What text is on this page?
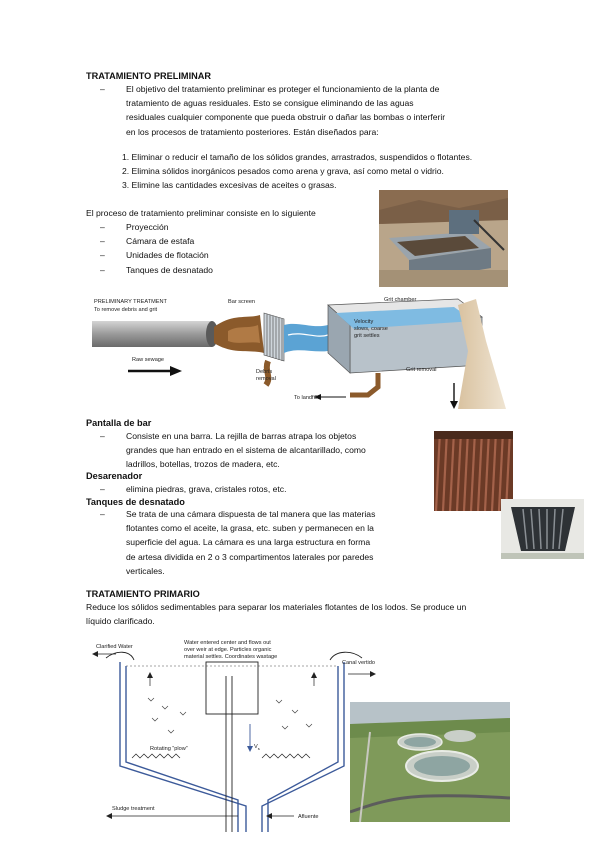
TRATAMIENTO PRELIMINAR
–	El objetivo del tratamiento preliminar es proteger el funcionamiento de la planta de
tratamiento de aguas residuales. Esto se consigue eliminando de las aguas
residuales cualquier componente que pueda obstruir o dañar las bombas o interferir
en los procesos de tratamiento posteriores. Están diseñados para:
1. Eliminar o reducir el tamaño de los sólidos grandes, arrastrados, suspendidos o flotantes.
2. Elimina sólidos inorgánicos pesados como arena y grava, así como metal o vidrio.
3. Elimine las cantidades excesivas de aceites o grasas.
El proceso de tratamiento preliminar consiste en lo siguiente
–	Proyección
–	Cámara de estafa
–	Unidades de flotación
–	Tanques de desnatado
PRELIMINARY TREATMENT
To remove debris and grit
Bar screen	Grit chamber
Velocity
slows, coarse
grit settles
Raw sewage
Debris
removal
Grit removal
To landfill
Pantalla de bar
–	Consiste en una barra. La rejilla de barras atrapa los objetos
grandes que han entrado en el sistema de alcantarillado, como
ladrillos, botellas, trozos de madera, etc.
Desarenador
–	elimina piedras, grava, cristales rotos, etc.
Tanques de desnatado
–	Se trata de una cámara dispuesta de tal manera que las materias
flotantes como el aceite, la grasa, etc. suben y permanecen en la
superficie del agua. La cámara es una larga estructura en forma
de artesa dividida en 2 o 3 compartimentos laterales por paredes
verticales.
TRATAMIENTO PRIMARIO
Reduce los sólidos sedimentables para separar los materiales flotantes de los lodos. Se produce un
líquido clarificado.
Clarified Water
Water entered center and flows out
over weir at edge. Particles organic
material settles. Coordinates wastage
Canal vertido
Rotating “plow”	$V_s$
Sludge treatment
Afluente
